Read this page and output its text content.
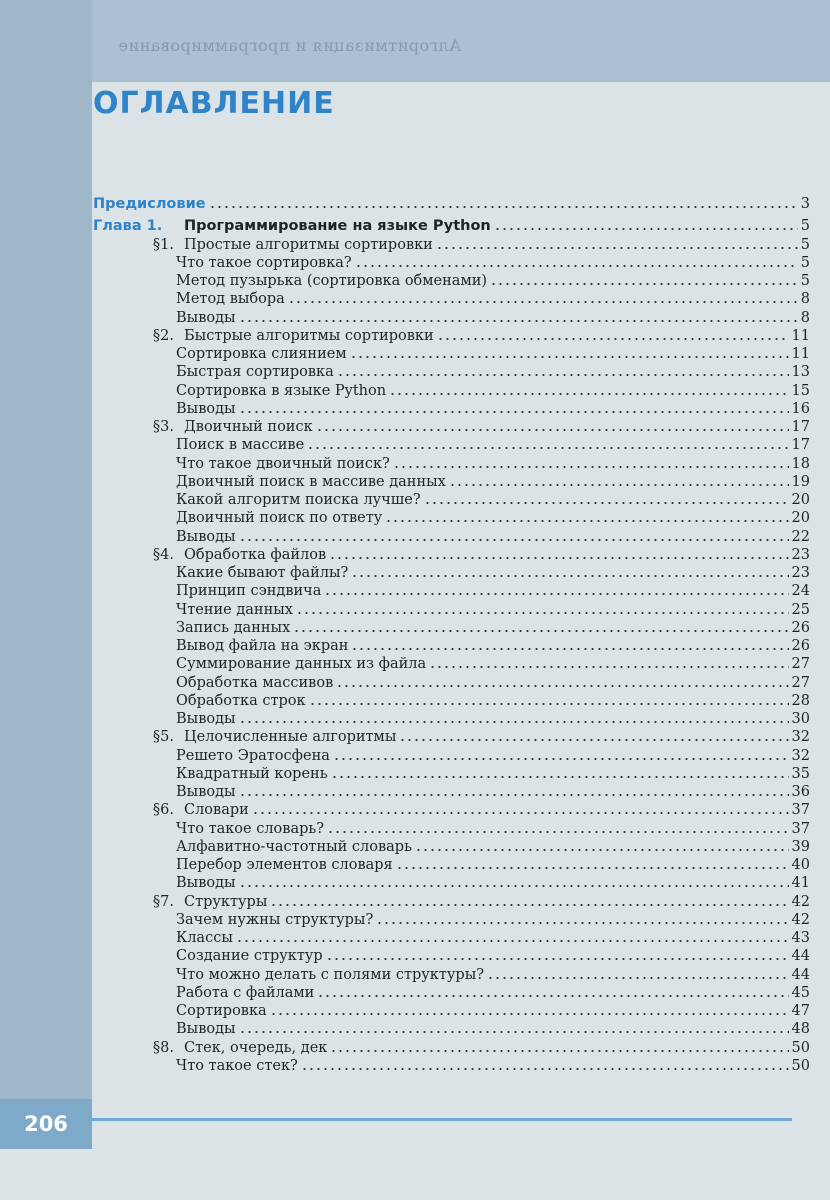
Алгоритмизация и программирование
ОГЛАВЛЕНИЕ
Предисловие	3
Глава 1. Программирование на языке Python	5
§1. Простые алгоритмы сортировки	5
Что такое сортировка?	5
Метод пузырька (сортировка обменами)	5
Метод выбора	8
Выводы	8
§2. Быстрые алгоритмы сортировки	11
Сортировка слиянием	11
Быстрая сортировка	13
Сортировка в языке Python	15
Выводы	16
§3. Двоичный поиск	17
Поиск в массиве	17
Что такое двоичный поиск?	18
Двоичный поиск в массиве данных	19
Какой алгоритм поиска лучше?	20
Двоичный поиск по ответу	20
Выводы	22
§4. Обработка файлов	23
Какие бывают файлы?	23
Принцип сэндвича	24
Чтение данных	25
Запись данных	26
Вывод файла на экран	26
Суммирование данных из файла	27
Обработка массивов	27
Обработка строк	28
Выводы	30
§5. Целочисленные алгоритмы	32
Решето Эратосфена	32
Квадратный корень	35
Выводы	36
§6. Словари	37
Что такое словарь?	37
Алфавитно-частотный словарь	39
Перебор элементов словаря	40
Выводы	41
§7. Структуры	42
Зачем нужны структуры?	42
Классы	43
Создание структур	44
Что можно делать с полями структуры?	44
Работа с файлами	45
Сортировка	47
Выводы	48
§8. Стек, очередь, дек	50
Что такое стек?	50
206
